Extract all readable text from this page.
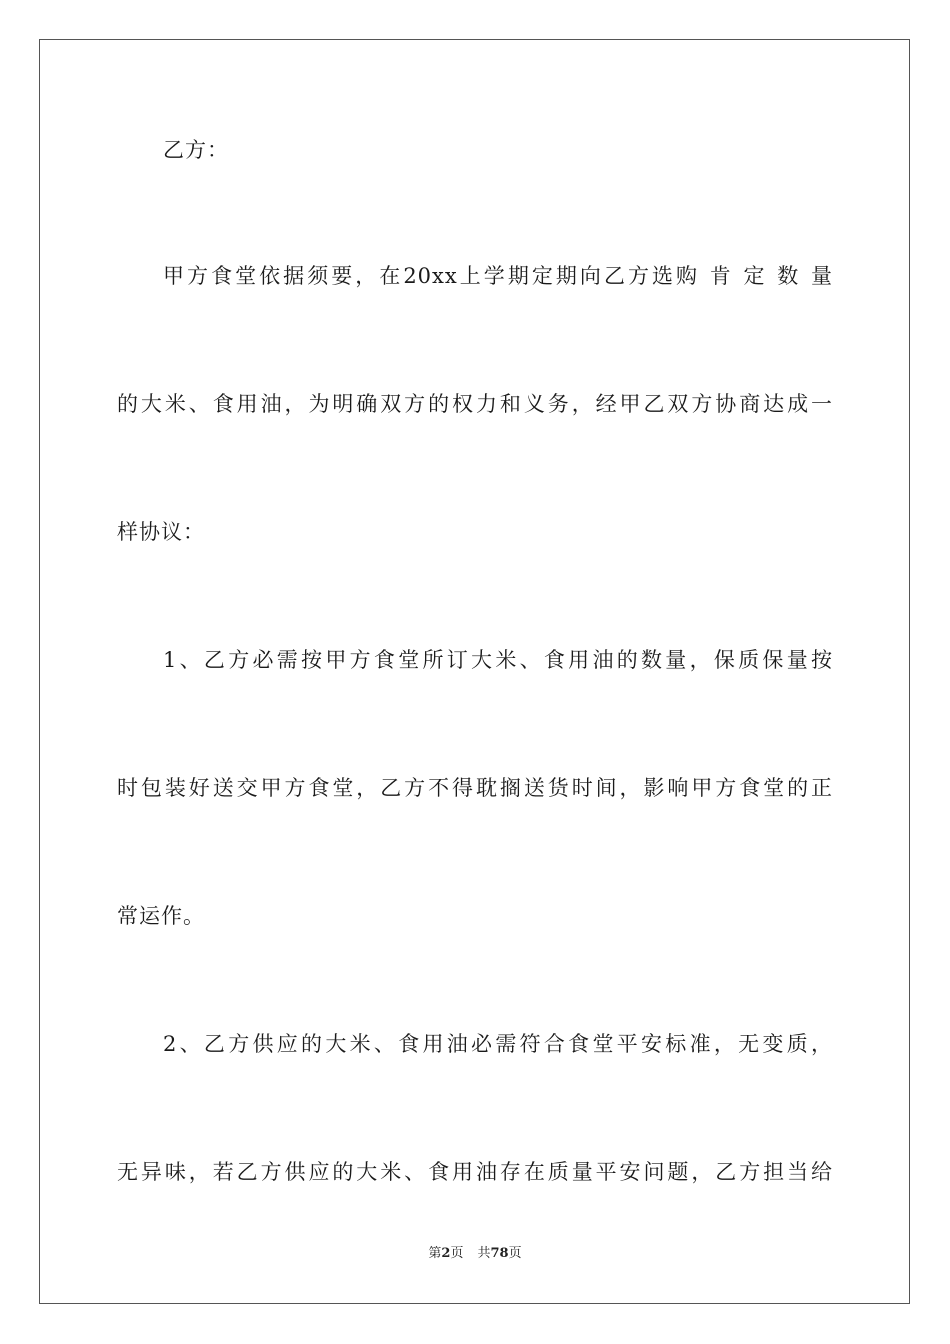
乙方：
甲方食堂依据须要，在20xx上学期定期向乙方选购 肯 定 数 量
的大米、食用油，为明确双方的权力和义务，经甲乙双方协商达成一
样协议：
1、乙方必需按甲方食堂所订大米、食用油的数量，保质保量按
时包装好送交甲方食堂，乙方不得耽搁送货时间，影响甲方食堂的正
常运作。
2、乙方供应的大米、食用油必需符合食堂平安标准，无变质，
无异味，若乙方供应的大米、食用油存在质量平安问题，乙方担当给
第2页 共78页
